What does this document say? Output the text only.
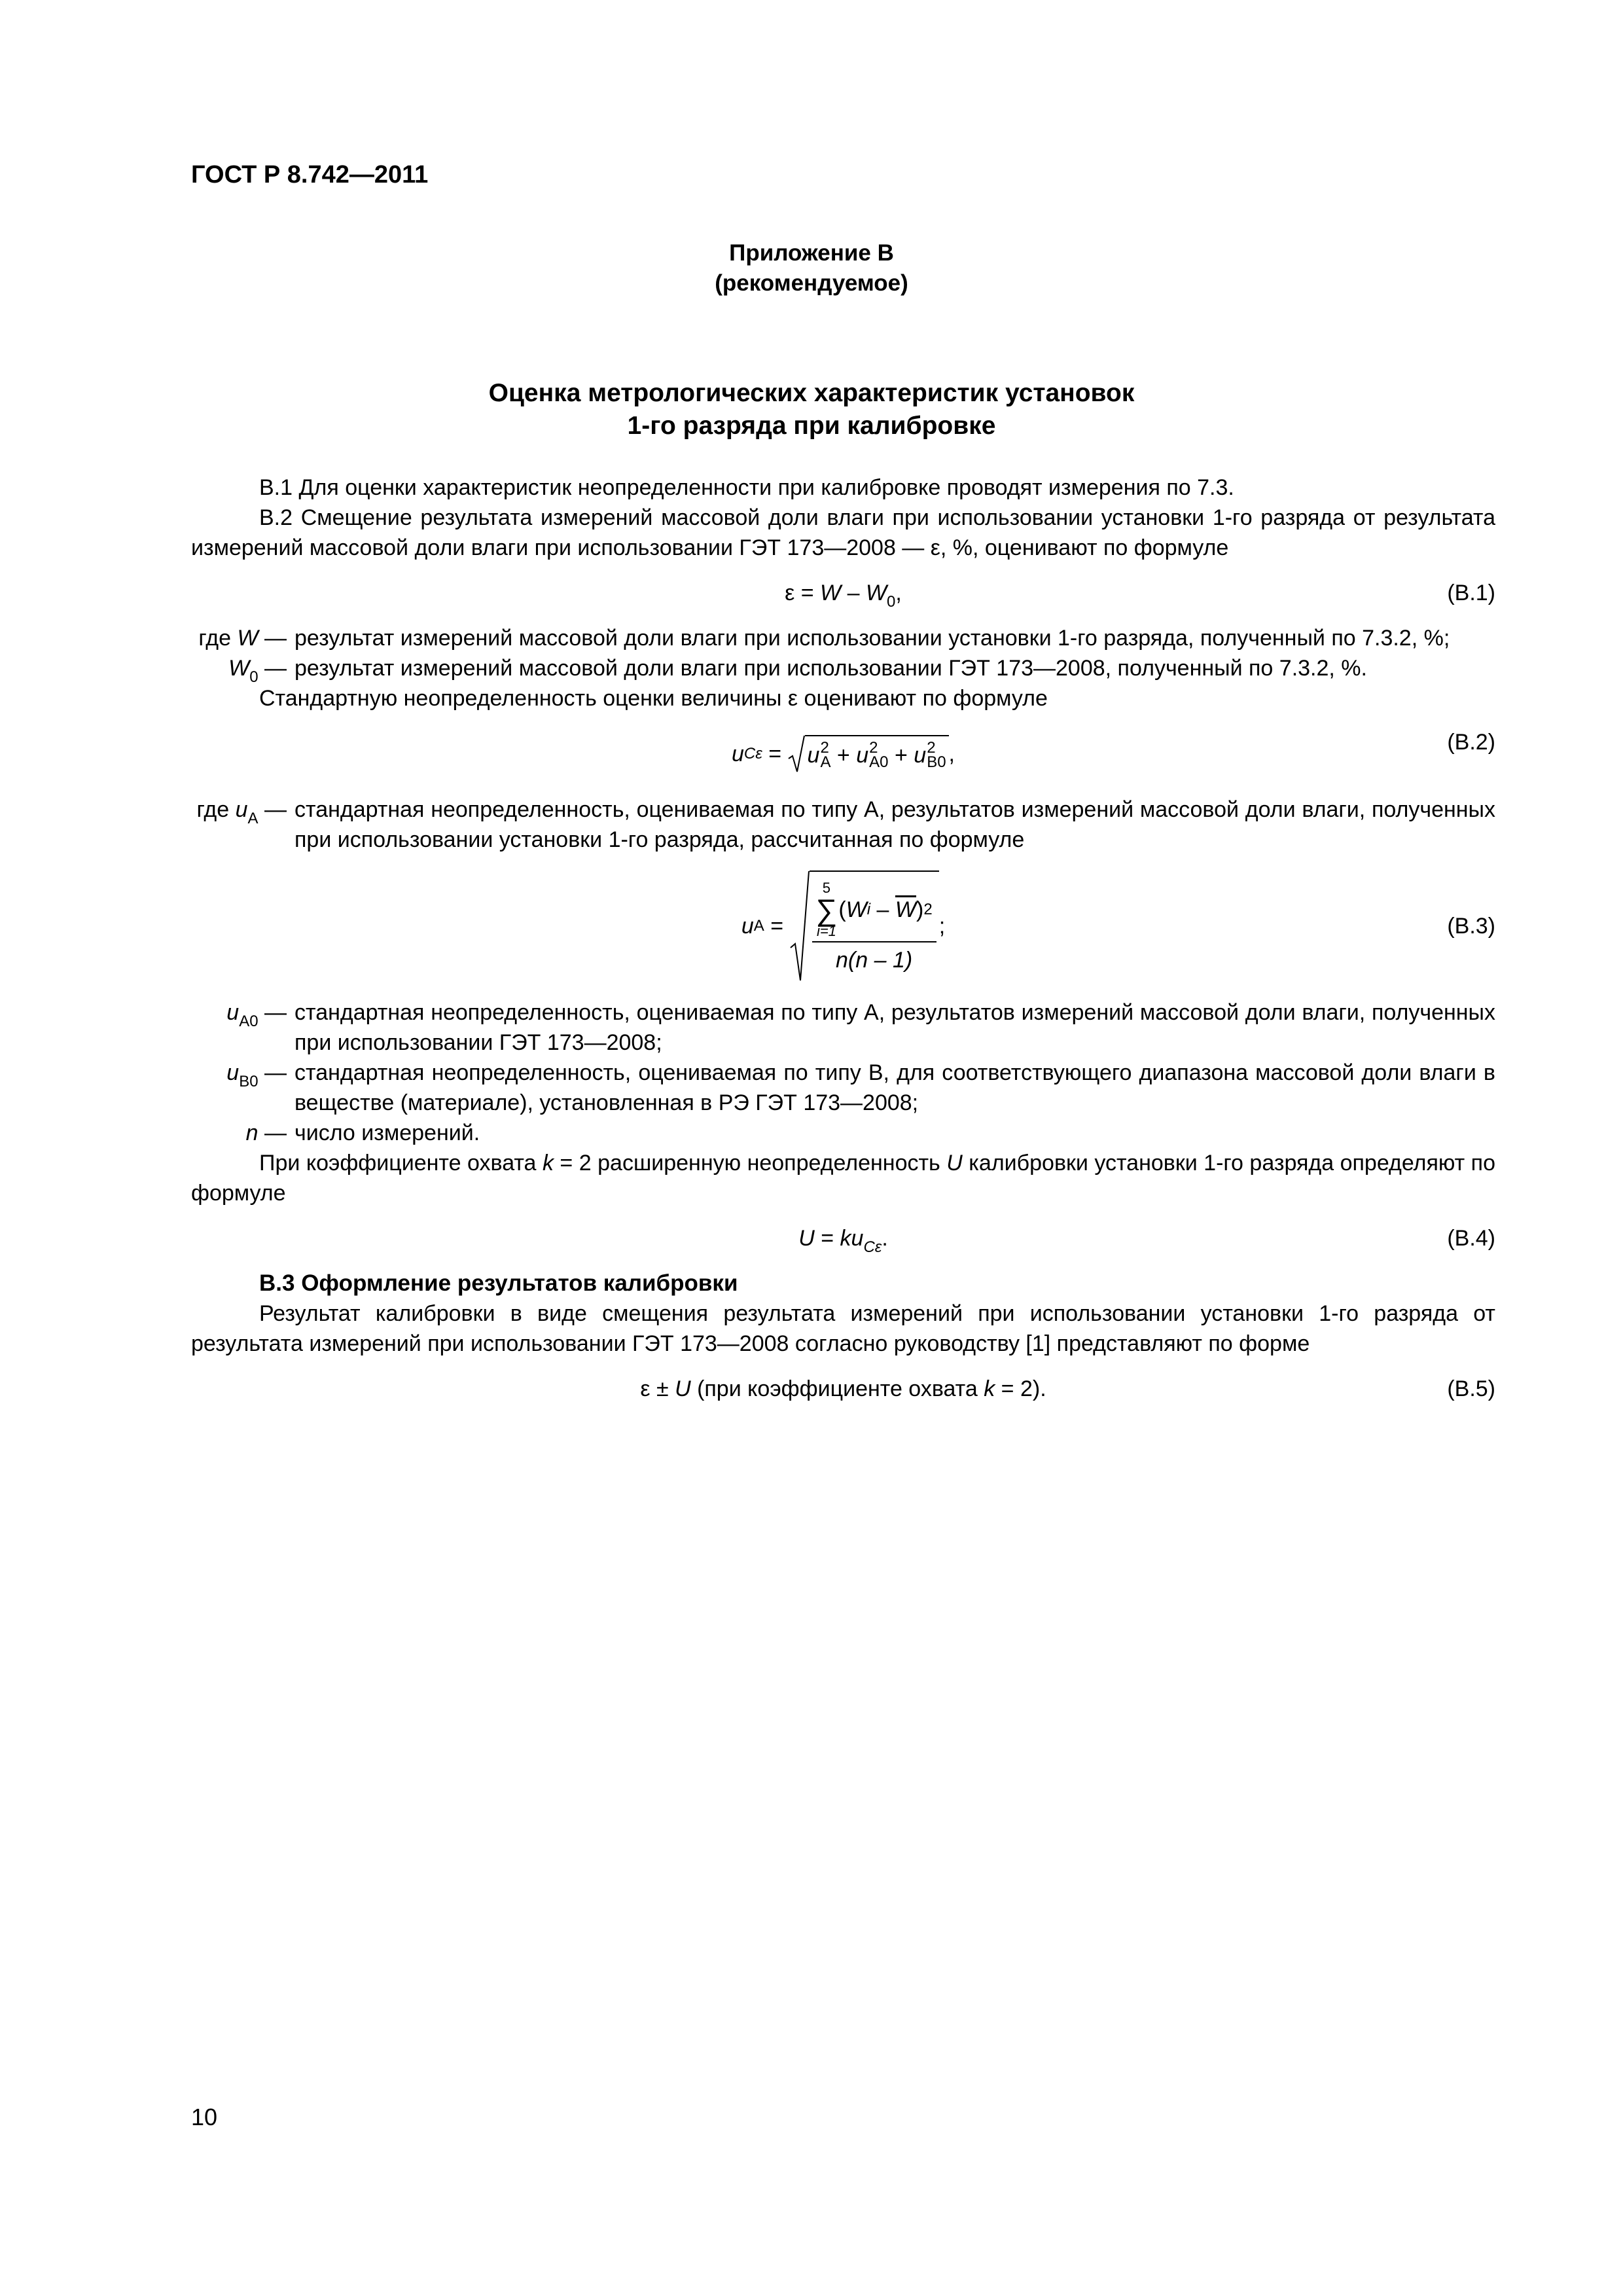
ГОСТ Р 8.742—2011
Приложение В
(рекомендуемое)
Оценка метрологических характеристик установок
1-го разряда при калибровке

В.1 Для оценки характеристик неопределенности при калибровке проводят измерения по 7.3.

В.2 Смещение результата измерений массовой доли влаги при использовании установки 1-го разряда от результата измерений массовой доли влаги при использовании ГЭТ 173—2008 — ε, %, оценивают по формуле

$\varepsilon = W - W_0$,	(В.1)
где W — результат измерений массовой доли влаги при использовании установки 1-го разряда, полученный по 7.3.2, %;
$W_0$ — результат измерений массовой доли влаги при использовании ГЭТ 173—2008, полученный по 7.3.2, %.

Стандартную неопределенность оценки величины ε оценивают по формуле

u Cε = u 2
A + u 2
A0 + u 2
B0 ,	(В.2)
где $u_A$ — стандартная неопределенность, оцениваемая по типу А, результатов измерений массовой доли влаги, полученных при использовании установки 1-го разряда, рассчитанная по формуле
u A =
5
∑
i=1
( W i – $\overline{W}$ ) 2
n(n – 1)
;	(В.3)
$u_{A0}$ — стандартная неопределенность, оцениваемая по типу А, результатов измерений массовой доли влаги, полученных при использовании ГЭТ 173—2008;
$u_{B0}$ — стандартная неопределенность, оцениваемая по типу В, для соответствующего диапазона массовой доли влаги в веществе (материале), установленная в РЭ ГЭТ 173—2008;
n — число измерений.

При коэффициенте охвата k = 2 расширенную неопределенность U калибровки установки 1-го разряда определяют по формуле

$U = ku_{C\varepsilon}$.	(В.4)

В.3 Оформление результатов калибровки

Результат калибровки в виде смещения результата измерений при использовании установки 1-го разряда от результата измерений при использовании ГЭТ 173—2008 согласно руководству [1] представляют по форме

ε ± U (при коэффициенте охвата k = 2).	(В.5)
10
